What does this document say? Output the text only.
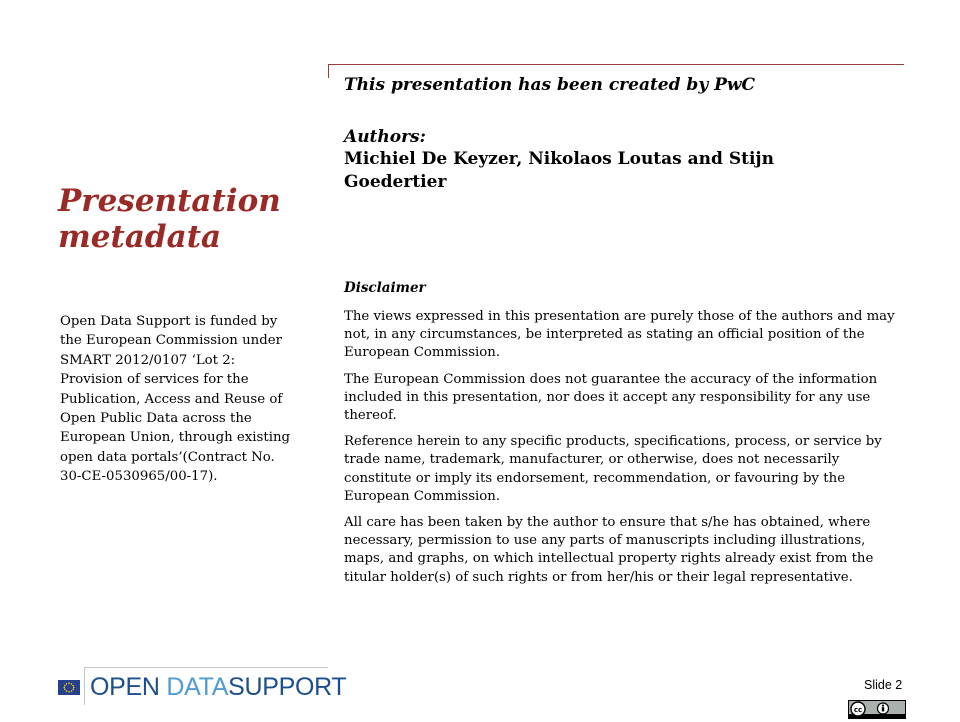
Presentation metadata
Open Data Support is funded by the European Commission under SMART 2012/0107 ‘Lot 2: Provision of services for the Publication, Access and Reuse of Open Public Data across the European Union, through existing open data portals’(Contract No. 30-CE-0530965/00-17).

This presentation has been created by PwC

Authors:

Michiel De Keyzer, Nikolaos Loutas and Stijn Goedertier

Disclaimer

The views expressed in this presentation are purely those of the authors and may not, in any circumstances, be interpreted as stating an official position of the European Commission.

The European Commission does not guarantee the accuracy of the information included in this presentation, nor does it accept any responsibility for any use thereof.

Reference herein to any specific products, specifications, process, or service by trade name, trademark, manufacturer, or otherwise, does not necessarily constitute or imply its endorsement, recommendation, or favouring by the European Commission.

All care has been taken by the author to ensure that s/he has obtained, where necessary, permission to use any parts of manuscripts including illustrations, maps, and graphs, on which intellectual property rights already exist from the titular holder(s) of such rights or from her/his or their legal representative.

OPEN DATASUPPORT	Slide 2
cc
